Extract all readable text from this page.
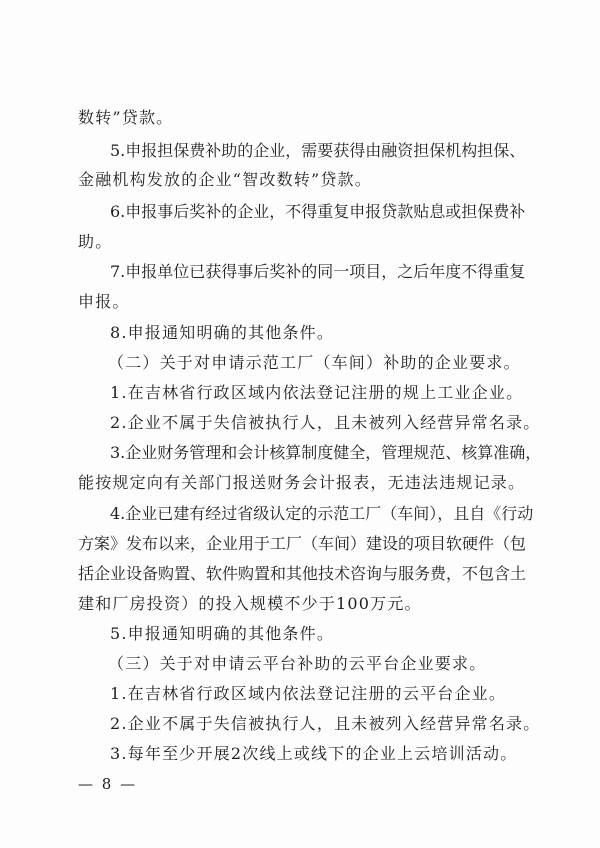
数转”贷款。
5.申报担保费补助的企业，需要获得由融资担保机构担保、
金融机构发放的企业“智改数转”贷款。
6.申报事后奖补的企业，不得重复申报贷款贴息或担保费补
助。
7.申报单位已获得事后奖补的同一项目，之后年度不得重复
申报。
8.申报通知明确的其他条件。
（二）关于对申请示范工厂（车间）补助的企业要求。
1.在吉林省行政区域内依法登记注册的规上工业企业。
2.企业不属于失信被执行人，且未被列入经营异常名录。
3.企业财务管理和会计核算制度健全，管理规范、核算准确，
能按规定向有关部门报送财务会计报表，无违法违规记录。
4.企业已建有经过省级认定的示范工厂（车间），且自《行动
方案》发布以来，企业用于工厂（车间）建设的项目软硬件（包
括企业设备购置、软件购置和其他技术咨询与服务费，不包含土
建和厂房投资）的投入规模不少于100万元。
5.申报通知明确的其他条件。
（三）关于对申请云平台补助的云平台企业要求。
1.在吉林省行政区域内依法登记注册的云平台企业。
2.企业不属于失信被执行人，且未被列入经营异常名录。
3.每年至少开展2次线上或线下的企业上云培训活动。
— 8 —
